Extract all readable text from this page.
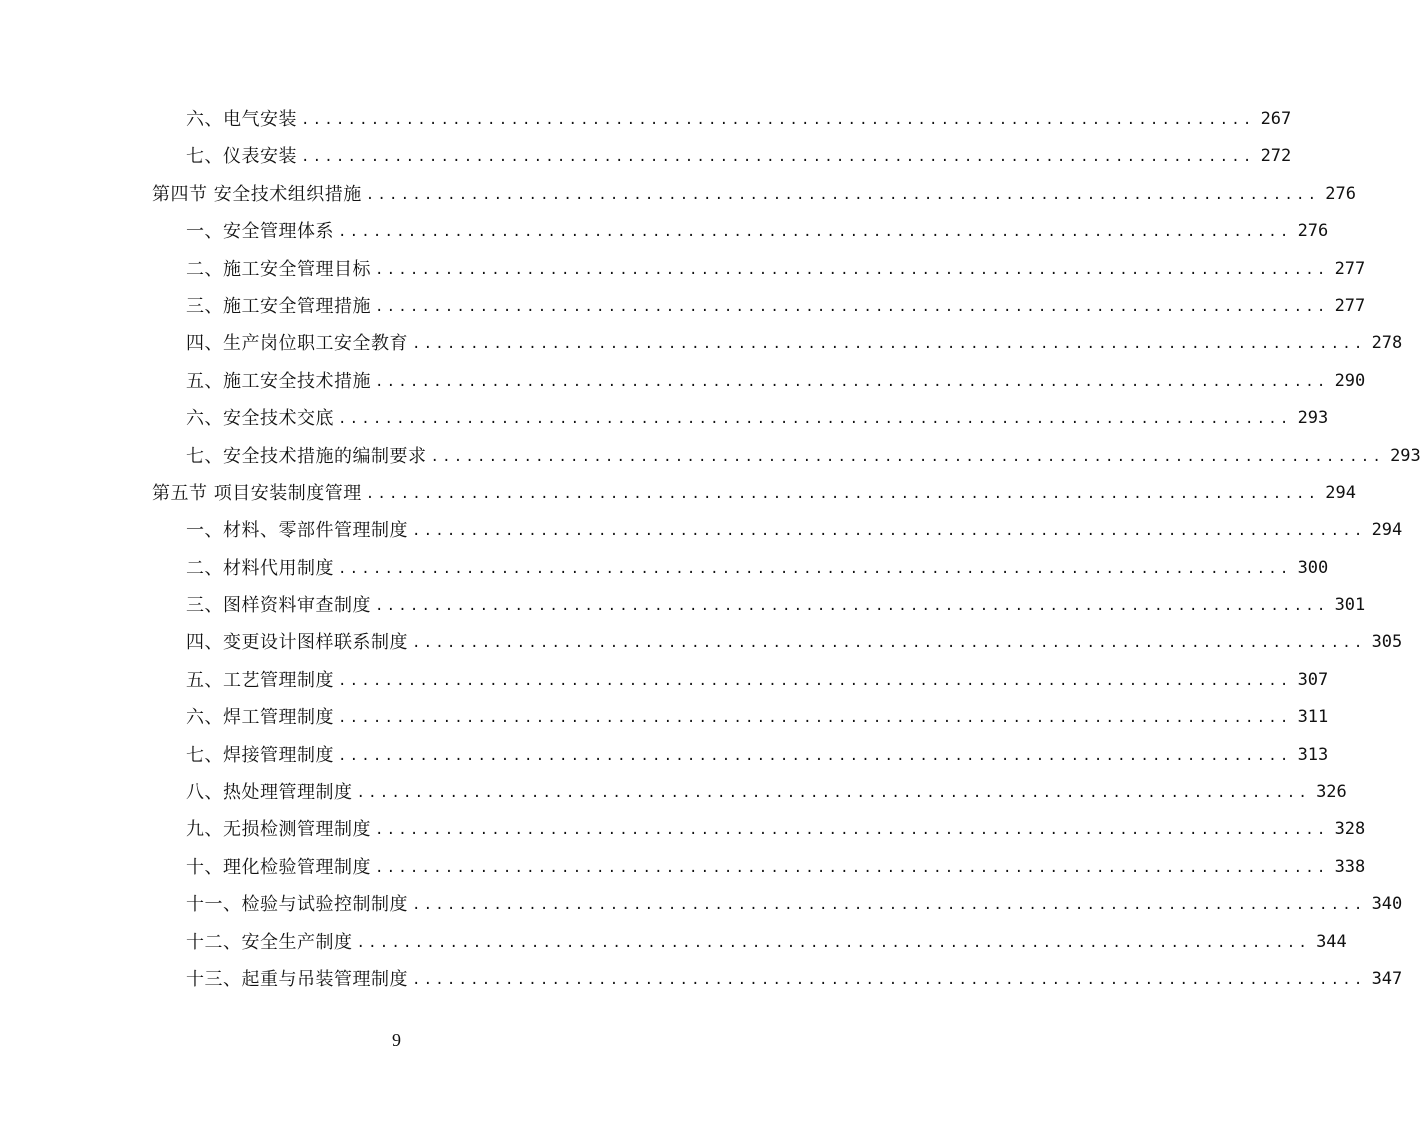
六、电气安装 .................................................................................. 267
七、仪表安装 .................................................................................. 272
第四节 安全技术组织措施 .................................................................................. 276
一、安全管理体系 .................................................................................. 276
二、施工安全管理目标 .................................................................................. 277
三、施工安全管理措施 .................................................................................. 277
四、生产岗位职工安全教育 .................................................................................. 278
五、施工安全技术措施 .................................................................................. 290
六、安全技术交底 .................................................................................. 293
七、安全技术措施的编制要求 .................................................................................. 293
第五节 项目安装制度管理 .................................................................................. 294
一、材料、零部件管理制度 .................................................................................. 294
二、材料代用制度 .................................................................................. 300
三、图样资料审查制度 .................................................................................. 301
四、变更设计图样联系制度 .................................................................................. 305
五、工艺管理制度 .................................................................................. 307
六、焊工管理制度 .................................................................................. 311
七、焊接管理制度 .................................................................................. 313
八、热处理管理制度 .................................................................................. 326
九、无损检测管理制度 .................................................................................. 328
十、理化检验管理制度 .................................................................................. 338
十一、检验与试验控制制度 .................................................................................. 340
十二、安全生产制度 .................................................................................. 344
十三、起重与吊装管理制度 .................................................................................. 347
9
